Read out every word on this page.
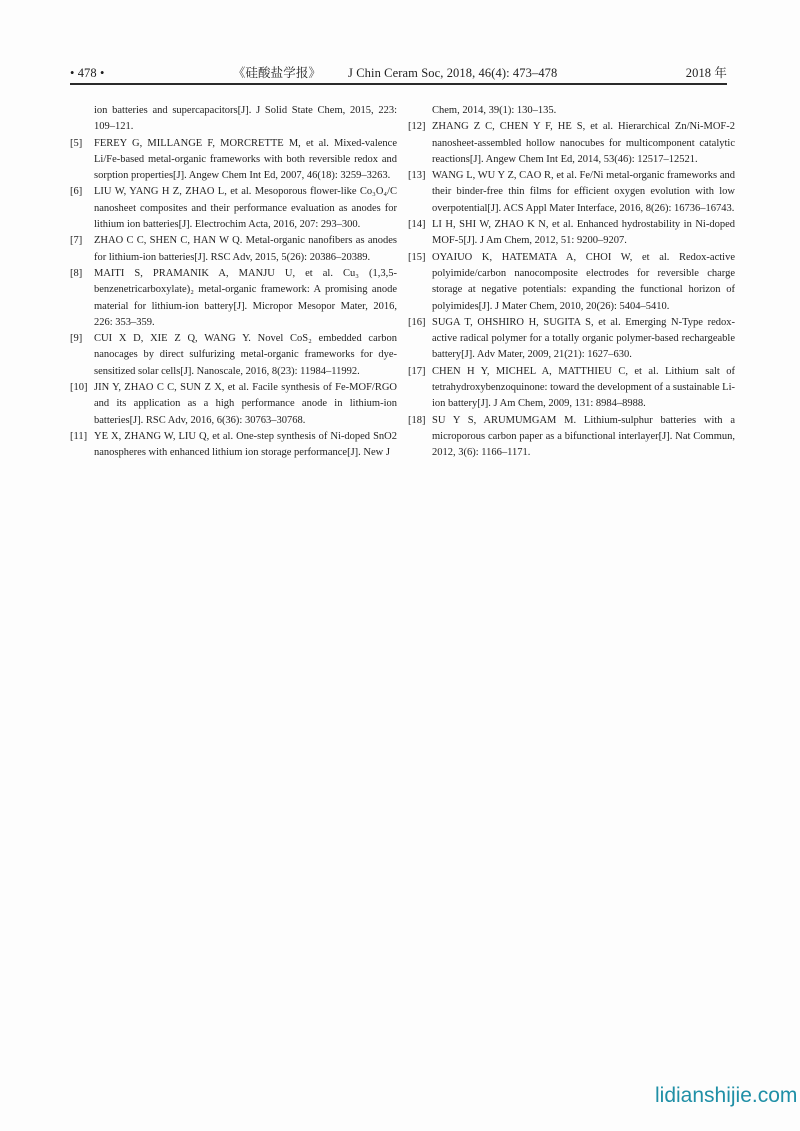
• 478 •	《硅酸盐学报》 J Chin Ceram Soc, 2018, 46(4): 473–478	2018 年
ion batteries and supercapacitors[J]. J Solid State Chem, 2015, 223: 109–121.
[5] FEREY G, MILLANGE F, MORCRETTE M, et al. Mixed-valence Li/Fe-based metal-organic frameworks with both reversible redox and sorption properties[J]. Angew Chem Int Ed, 2007, 46(18): 3259–3263.
[6] LIU W, YANG H Z, ZHAO L, et al. Mesoporous flower-like Co₃O₄/C nanosheet composites and their performance evaluation as anodes for lithium ion batteries[J]. Electrochim Acta, 2016, 207: 293–300.
[7] ZHAO C C, SHEN C, HAN W Q. Metal-organic nanofibers as anodes for lithium-ion batteries[J]. RSC Adv, 2015, 5(26): 20386–20389.
[8] MAITI S, PRAMANIK A, MANJU U, et al. Cu₃ (1,3,5-benzenetricarboxylate)₂ metal-organic framework: A promising anode material for lithium-ion battery[J]. Micropor Mesopor Mater, 2016, 226: 353–359.
[9] CUI X D, XIE Z Q, WANG Y. Novel CoS₂ embedded carbon nanocages by direct sulfurizing metal-organic frameworks for dye-sensitized solar cells[J]. Nanoscale, 2016, 8(23): 11984–11992.
[10] JIN Y, ZHAO C C, SUN Z X, et al. Facile synthesis of Fe-MOF/RGO and its application as a high performance anode in lithium-ion batteries[J]. RSC Adv, 2016, 6(36): 30763–30768.
[11] YE X, ZHANG W, LIU Q, et al. One-step synthesis of Ni-doped SnO2 nanospheres with enhanced lithium ion storage performance[J]. New J
Chem, 2014, 39(1): 130–135.
[12] ZHANG Z C, CHEN Y F, HE S, et al. Hierarchical Zn/Ni-MOF-2 nanosheet-assembled hollow nanocubes for multicomponent catalytic reactions[J]. Angew Chem Int Ed, 2014, 53(46): 12517–12521.
[13] WANG L, WU Y Z, CAO R, et al. Fe/Ni metal-organic frameworks and their binder-free thin films for efficient oxygen evolution with low overpotential[J]. ACS Appl Mater Interface, 2016, 8(26): 16736–16743.
[14] LI H, SHI W, ZHAO K N, et al. Enhanced hydrostability in Ni-doped MOF-5[J]. J Am Chem, 2012, 51: 9200–9207.
[15] OYAIUO K, HATEMATA A, CHOI W, et al. Redox-active polyimide/carbon nanocomposite electrodes for reversible charge storage at negative potentials: expanding the functional horizon of polyimides[J]. J Mater Chem, 2010, 20(26): 5404–5410.
[16] SUGA T, OHSHIRO H, SUGITA S, et al. Emerging N-Type redox-active radical polymer for a totally organic polymer-based rechargeable battery[J]. Adv Mater, 2009, 21(21): 1627–630.
[17] CHEN H Y, MICHEL A, MATTHIEU C, et al. Lithium salt of tetrahydroxybenzoquinone: toward the development of a sustainable Li-ion battery[J]. J Am Chem, 2009, 131: 8984–8988.
[18] SU Y S, ARUMUMGAM M. Lithium-sulphur batteries with a microporous carbon paper as a bifunctional interlayer[J]. Nat Commun, 2012, 3(6): 1166–1171.
lidianshijie.com
